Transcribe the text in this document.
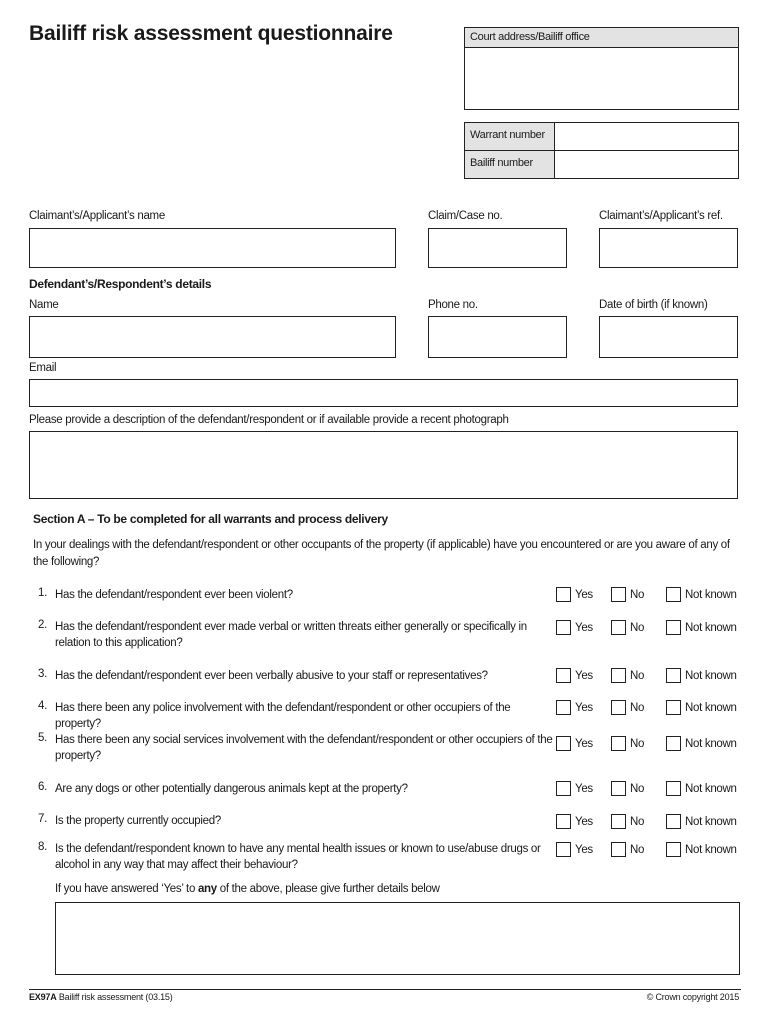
Bailiff risk assessment questionnaire	Court address/Bailiff office
Warrant number
Bailiff number
Claimant’s/Applicant’s name	Claim/Case no.	Claimant’s/Applicant’s ref.
Defendant’s/Respondent’s details
Name	Phone no.	Date of birth (if known)
Email
Please provide a description of the defendant/respondent or if available provide a recent photograph
Section A – To be completed for all warrants and process delivery
In your dealings with the defendant/respondent or other occupants of the property (if applicable) have you encountered or are you aware of any of the following?
1. Has the defendant/respondent ever been violent?	Yes	No	Not known
2. Has the defendant/respondent ever made verbal or written threats either generally or specifically in relation to this application?
Yes	No	Not known
3. Has the defendant/respondent ever been verbally abusive to your staff or representatives?	Yes	No	Not known
4. Has there been any police involvement with the defendant/respondent or other occupiers of the property?
Yes	No	Not known
5. Has there been any social services involvement with the defendant/respondent or other occupiers of the property?
Yes	No	Not known
6. Are any dogs or other potentially dangerous animals kept at the property?	Yes	No	Not known
7. Is the property currently occupied?	Yes	No	Not known
8. Is the defendant/respondent known to have any mental health issues or known to use/abuse drugs or alcohol in any way that may affect their behaviour?
Yes	No	Not known
If you have answered ‘Yes’ to any of the above, please give further details below
EX97A Bailiff risk assessment (03.15)	© Crown copyright 2015
